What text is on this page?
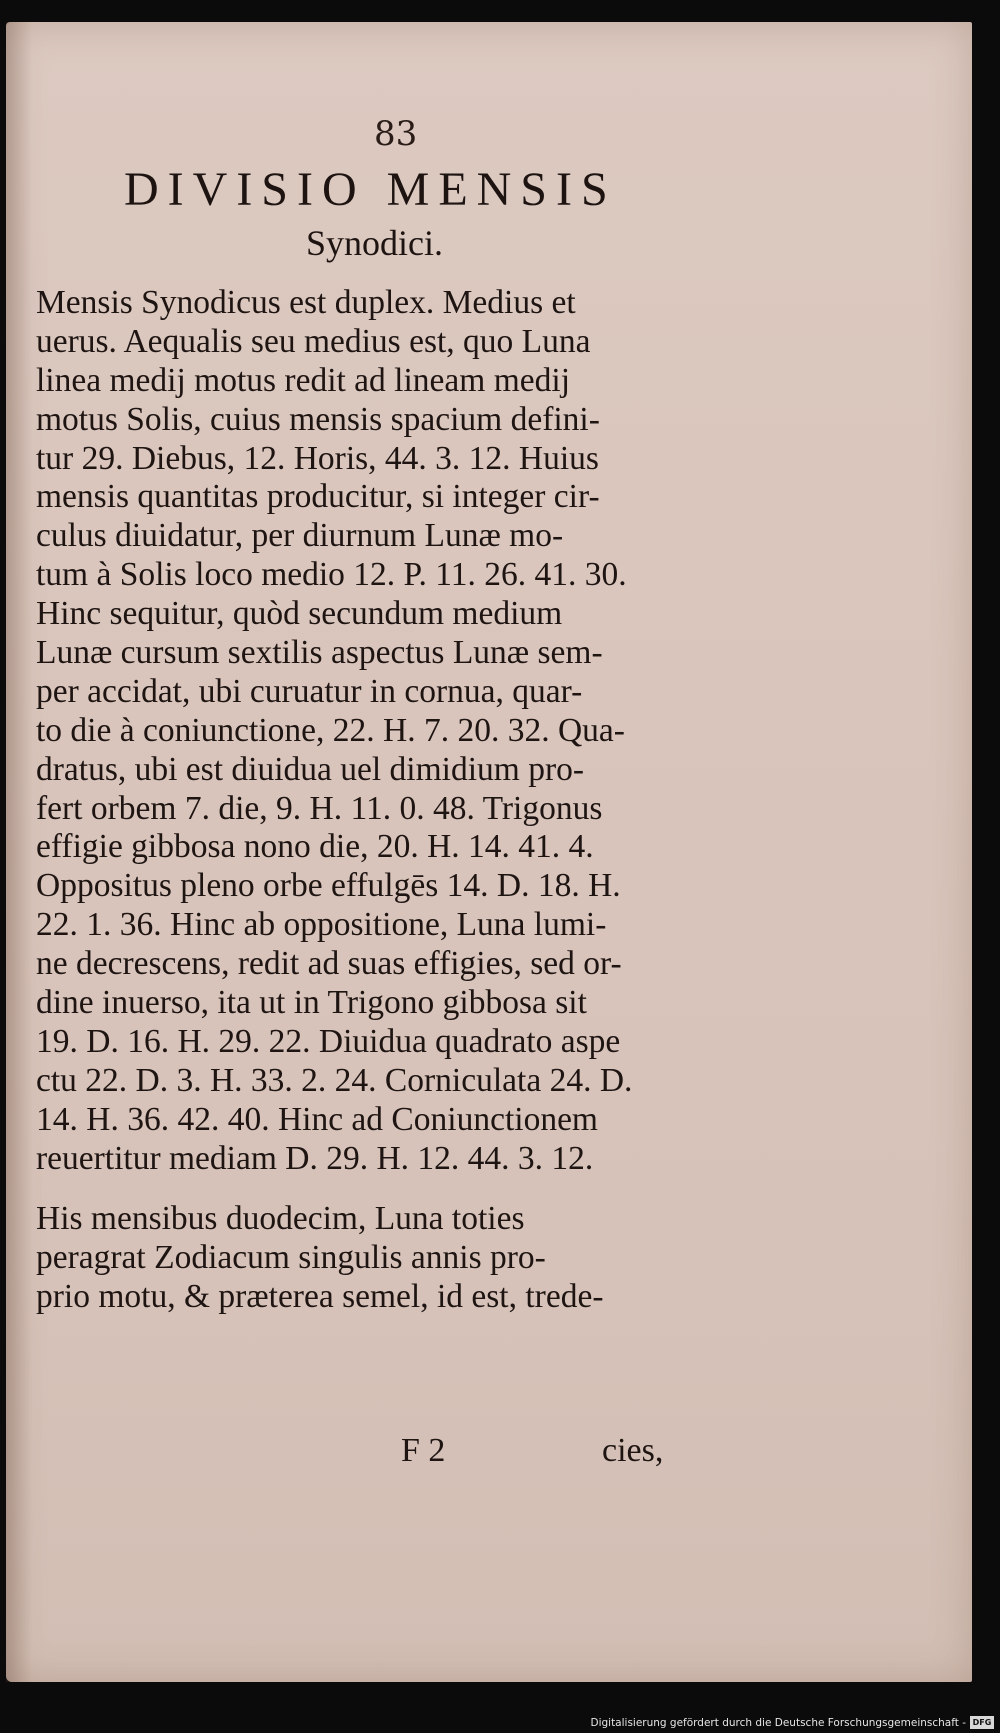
83
DIVISIO MENSIS
Synodici.
Mensis Synodicus est duplex. Medius et
uerus. Aequalis seu medius est, quo Luna
linea medij motus redit ad lineam medij
motus Solis, cuius mensis spacium defini-
tur 29. Diebus, 12. Horis, 44. 3. 12. Huius
mensis quantitas producitur, si integer cir-
culus diuidatur, per diurnum Lunæ mo-
tum à Solis loco medio 12. P. 11. 26. 41. 30.
Hinc sequitur, quòd secundum medium
Lunæ cursum sextilis aspectus Lunæ sem-
per accidat, ubi curuatur in cornua, quar-
to die à coniunctione, 22. H. 7. 20. 32. Qua-
dratus, ubi est diuidua uel dimidium pro-
fert orbem 7. die, 9. H. 11. 0. 48. Trigonus
effigie gibbosa nono die, 20. H. 14. 41. 4.
Oppositus pleno orbe effulgēs 14. D. 18. H.
22. 1. 36. Hinc ab oppositione, Luna lumi-
ne decrescens, redit ad suas effigies, sed or-
dine inuerso, ita ut in Trigono gibbosa sit
19. D. 16. H. 29. 22. Diuidua quadrato aspe
ctu 22. D. 3. H. 33. 2. 24. Corniculata 24. D.
14. H. 36. 42. 40. Hinc ad Coniunctionem
reuertitur mediam D. 29. H. 12. 44. 3. 12.
His mensibus duodecim, Luna toties
peragrat Zodiacum singulis annis pro-
prio motu, & præterea semel, id est, trede-
F 2	cies,
Digitalisierung gefördert durch die Deutsche Forschungsgemeinschaft - DFG
